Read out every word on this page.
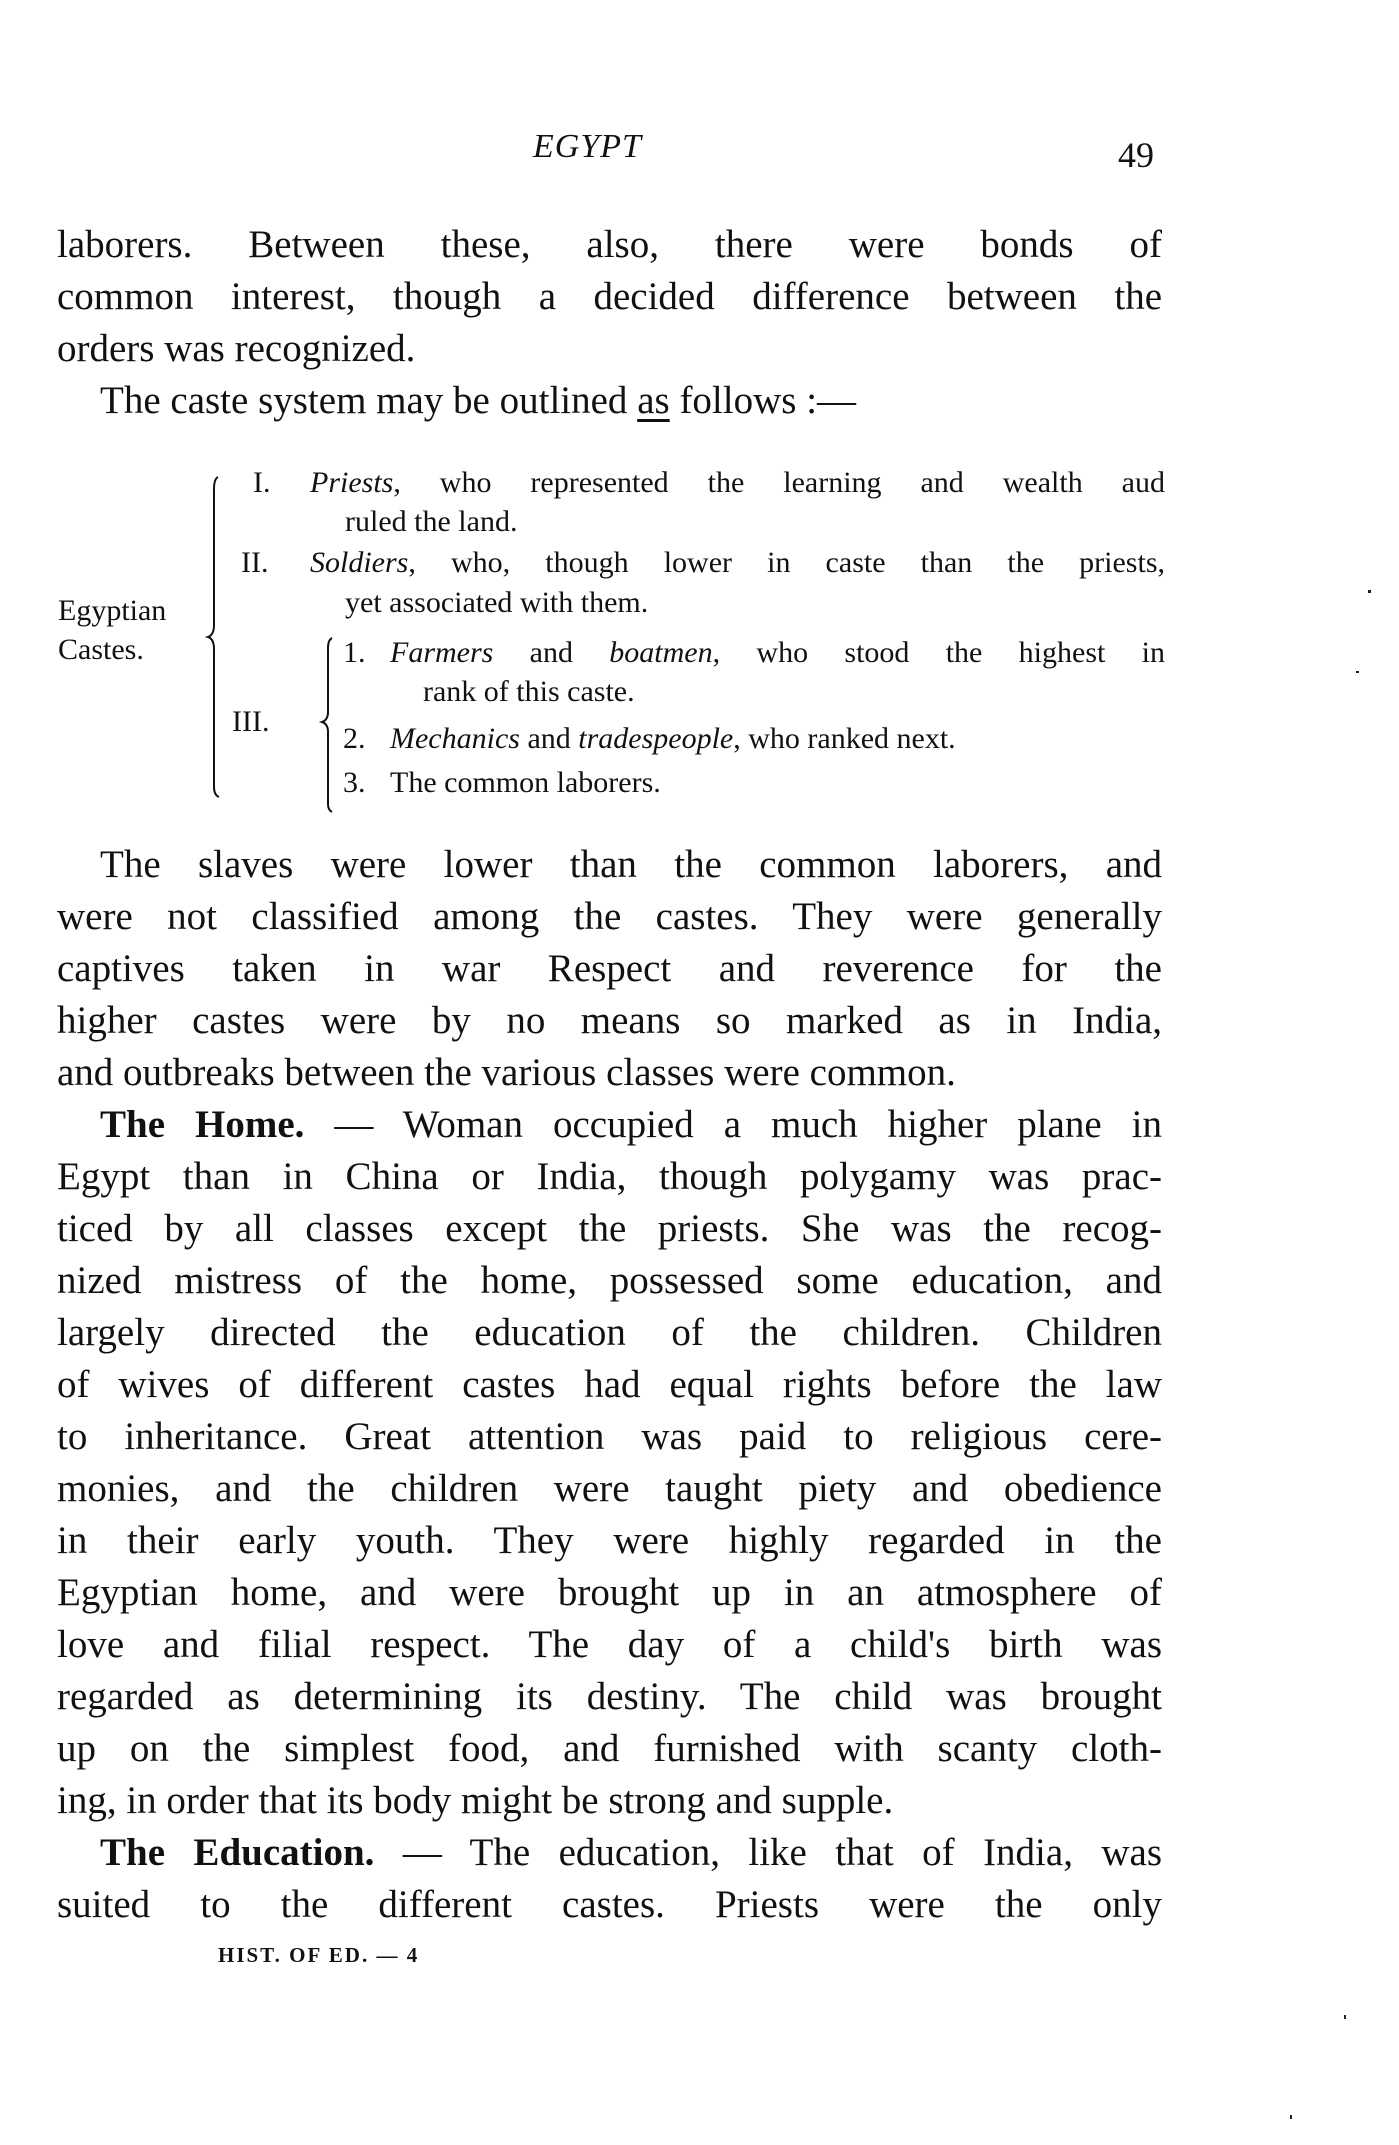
EGYPT	49
laborers. Between these, also, there were bonds of
common interest, though a decided difference between the
orders was recognized.
The caste system may be outlined as follows :—
Egyptian
Castes.
I. Priests, who represented the learning and wealth aud
ruled the land.
II. Soldiers, who, though lower in caste than the priests,
yet associated with them.
III.
1. Farmers and boatmen, who stood the highest in
rank of this caste.
2. Mechanics and tradespeople, who ranked next.
3. The common laborers.
The slaves were lower than the common laborers, and
were not classified among the castes. They were generally
captives taken in war Respect and reverence for the
higher castes were by no means so marked as in India,
and outbreaks between the various classes were common.
The Home. — Woman occupied a much higher plane in
Egypt than in China or India, though polygamy was prac-
ticed by all classes except the priests. She was the recog-
nized mistress of the home, possessed some education, and
largely directed the education of the children. Children
of wives of different castes had equal rights before the law
to inheritance. Great attention was paid to religious cere-
monies, and the children were taught piety and obedience
in their early youth. They were highly regarded in the
Egyptian home, and were brought up in an atmosphere of
love and filial respect. The day of a child's birth was
regarded as determining its destiny. The child was brought
up on the simplest food, and furnished with scanty cloth-
ing, in order that its body might be strong and supple.
The Education. — The education, like that of India, was
suited to the different castes. Priests were the only
HIST. OF ED. — 4
